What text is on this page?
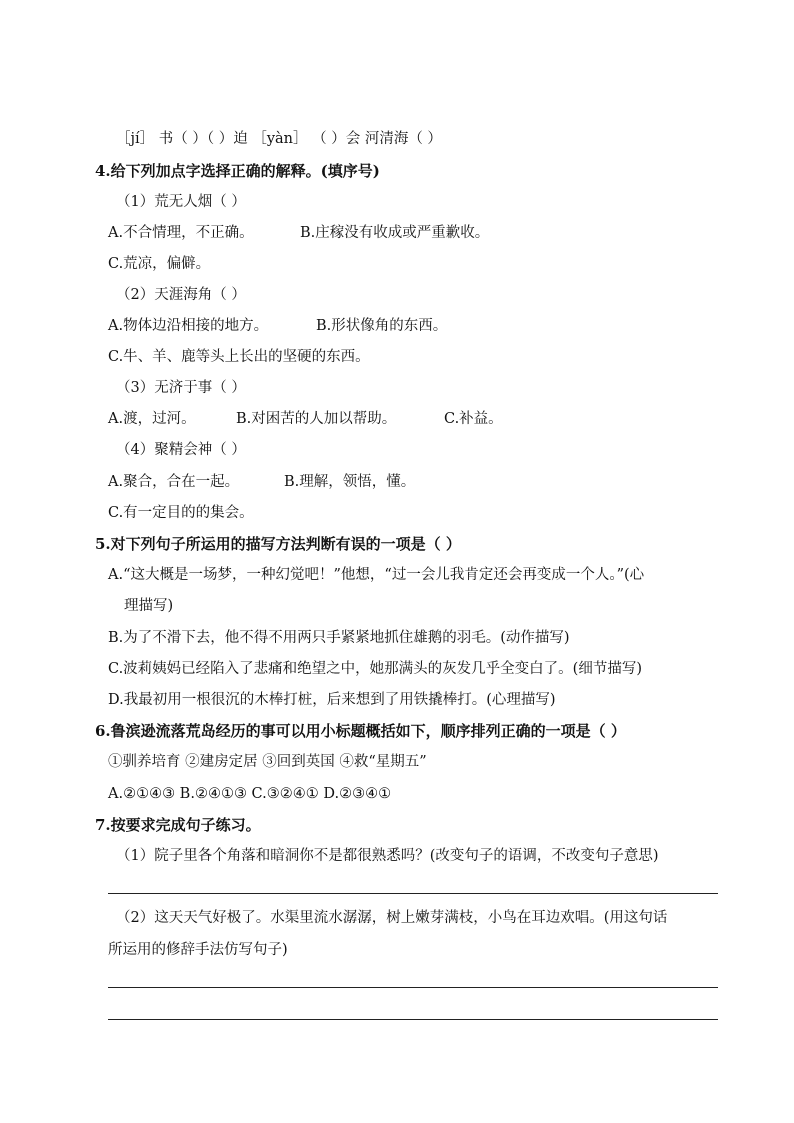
［jí］ 书（ ）（ ）迫 ［yàn］ （ ）会 河清海（ ）
4.给下列加点字选择正确的解释。(填序号)
（1）荒无人烟（ ）
A.不合情理，不正确。	B.庄稼没有收成或严重歉收。
C.荒凉，偏僻。
（2）天涯海角（ ）
A.物体边沿相接的地方。	B.形状像角的东西。
C.牛、羊、鹿等头上长出的坚硬的东西。
（3）无济于事（ ）
A.渡，过河。	B.对困苦的人加以帮助。	C.补益。
（4）聚精会神（ ）
A.聚合，合在一起。	B.理解，领悟，懂。
C.有一定目的的集会。
5.对下列句子所运用的描写方法判断有误的一项是（ ）
A.“这大概是一场梦，一种幻觉吧！”他想，“过一会儿我肯定还会再变成一个人。”(心
理描写)
B.为了不滑下去，他不得不用两只手紧紧地抓住雄鹅的羽毛。(动作描写)
C.波莉姨妈已经陷入了悲痛和绝望之中，她那满头的灰发几乎全变白了。(细节描写)
D.我最初用一根很沉的木棒打桩，后来想到了用铁撬棒打。(心理描写)
6.鲁滨逊流落荒岛经历的事可以用小标题概括如下，顺序排列正确的一项是（ ）
①驯养培育 ②建房定居 ③回到英国 ④救“星期五”
A.②①④③ B.②④①③ C.③②④① D.②③④①
7.按要求完成句子练习。
（1）院子里各个角落和暗洞你不是都很熟悉吗？(改变句子的语调，不改变句子意思)
（2）这天天气好极了。水渠里流水潺潺，树上嫩芽满枝，小鸟在耳边欢唱。(用这句话
所运用的修辞手法仿写句子)
